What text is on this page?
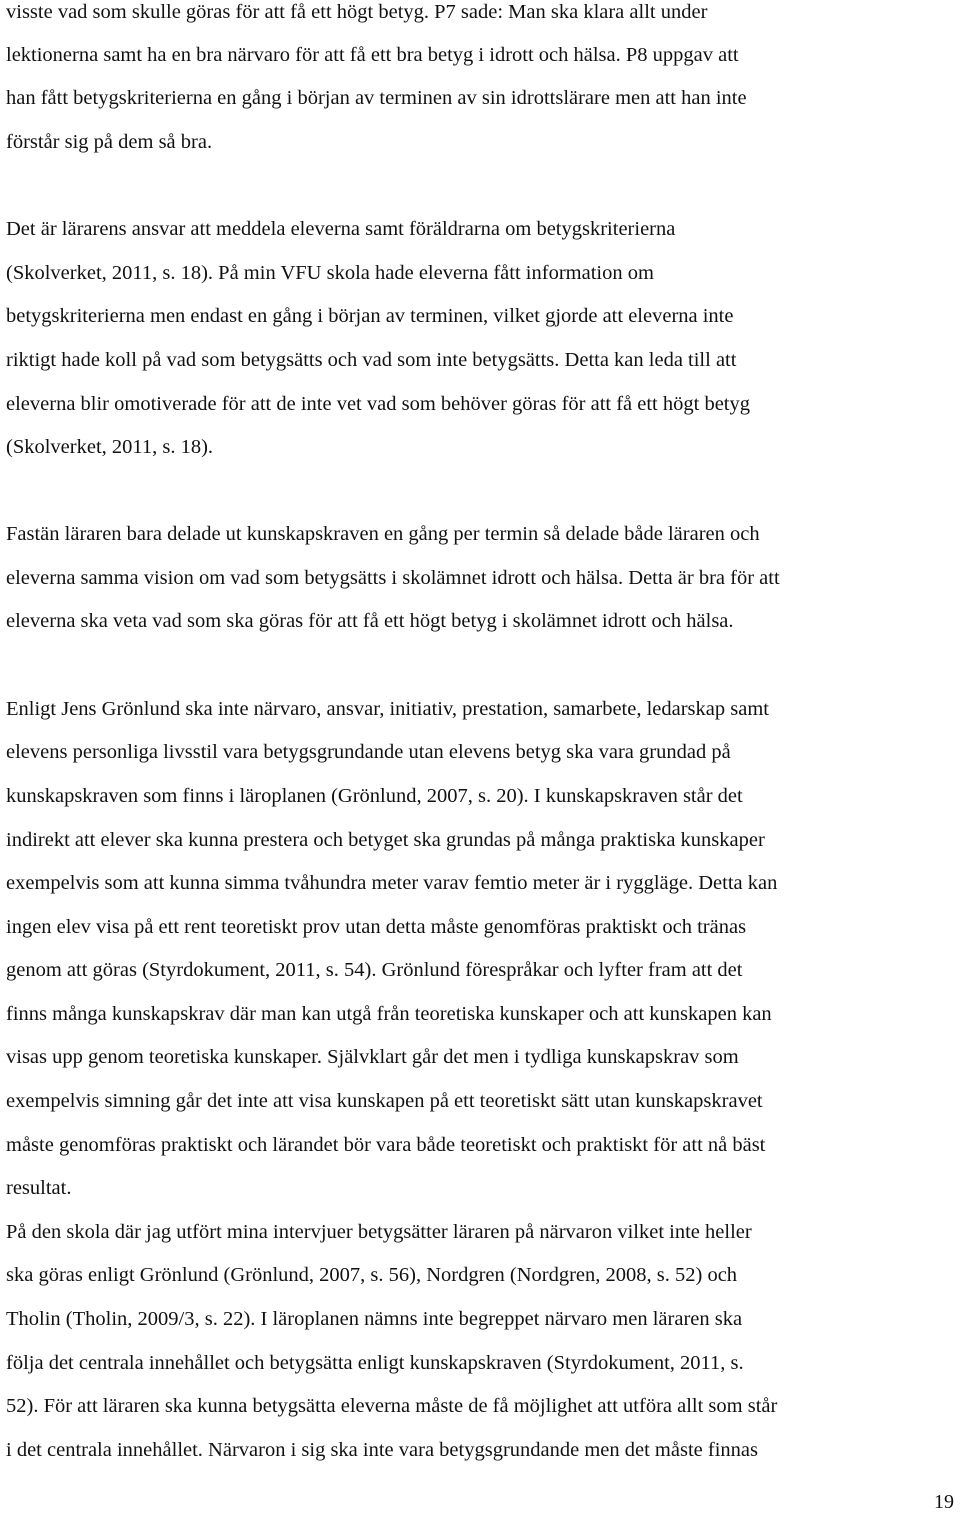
visste vad som skulle göras för att få ett högt betyg. P7 sade: Man ska klara allt under
lektionerna samt ha en bra närvaro för att få ett bra betyg i idrott och hälsa. P8 uppgav att
han fått betygskriterierna en gång i början av terminen av sin idrottslärare men att han inte
förstår sig på dem så bra.
Det är lärarens ansvar att meddela eleverna samt föräldrarna om betygskriterierna
(Skolverket, 2011, s. 18). På min VFU skola hade eleverna fått information om
betygskriterierna men endast en gång i början av terminen, vilket gjorde att eleverna inte
riktigt hade koll på vad som betygsätts och vad som inte betygsätts. Detta kan leda till att
eleverna blir omotiverade för att de inte vet vad som behöver göras för att få ett högt betyg
(Skolverket, 2011, s. 18).
Fastän läraren bara delade ut kunskapskraven en gång per termin så delade både läraren och
eleverna samma vision om vad som betygsätts i skolämnet idrott och hälsa. Detta är bra för att
eleverna ska veta vad som ska göras för att få ett högt betyg i skolämnet idrott och hälsa.
Enligt Jens Grönlund ska inte närvaro, ansvar, initiativ, prestation, samarbete, ledarskap samt
elevens personliga livsstil vara betygsgrundande utan elevens betyg ska vara grundad på
kunskapskraven som finns i läroplanen (Grönlund, 2007, s. 20). I kunskapskraven står det
indirekt att elever ska kunna prestera och betyget ska grundas på många praktiska kunskaper
exempelvis som att kunna simma tvåhundra meter varav femtio meter är i ryggläge. Detta kan
ingen elev visa på ett rent teoretiskt prov utan detta måste genomföras praktiskt och tränas
genom att göras (Styrdokument, 2011, s. 54). Grönlund förespråkar och lyfter fram att det
finns många kunskapskrav där man kan utgå från teoretiska kunskaper och att kunskapen kan
visas upp genom teoretiska kunskaper. Självklart går det men i tydliga kunskapskrav som
exempelvis simning går det inte att visa kunskapen på ett teoretiskt sätt utan kunskapskravet
måste genomföras praktiskt och lärandet bör vara både teoretiskt och praktiskt för att nå bäst
resultat.
På den skola där jag utfört mina intervjuer betygsätter läraren på närvaron vilket inte heller
ska göras enligt Grönlund (Grönlund, 2007, s. 56), Nordgren (Nordgren, 2008, s. 52) och
Tholin (Tholin, 2009/3, s. 22). I läroplanen nämns inte begreppet närvaro men läraren ska
följa det centrala innehållet och betygsätta enligt kunskapskraven (Styrdokument, 2011, s.
52). För att läraren ska kunna betygsätta eleverna måste de få möjlighet att utföra allt som står
i det centrala innehållet. Närvaron i sig ska inte vara betygsgrundande men det måste finnas
19
